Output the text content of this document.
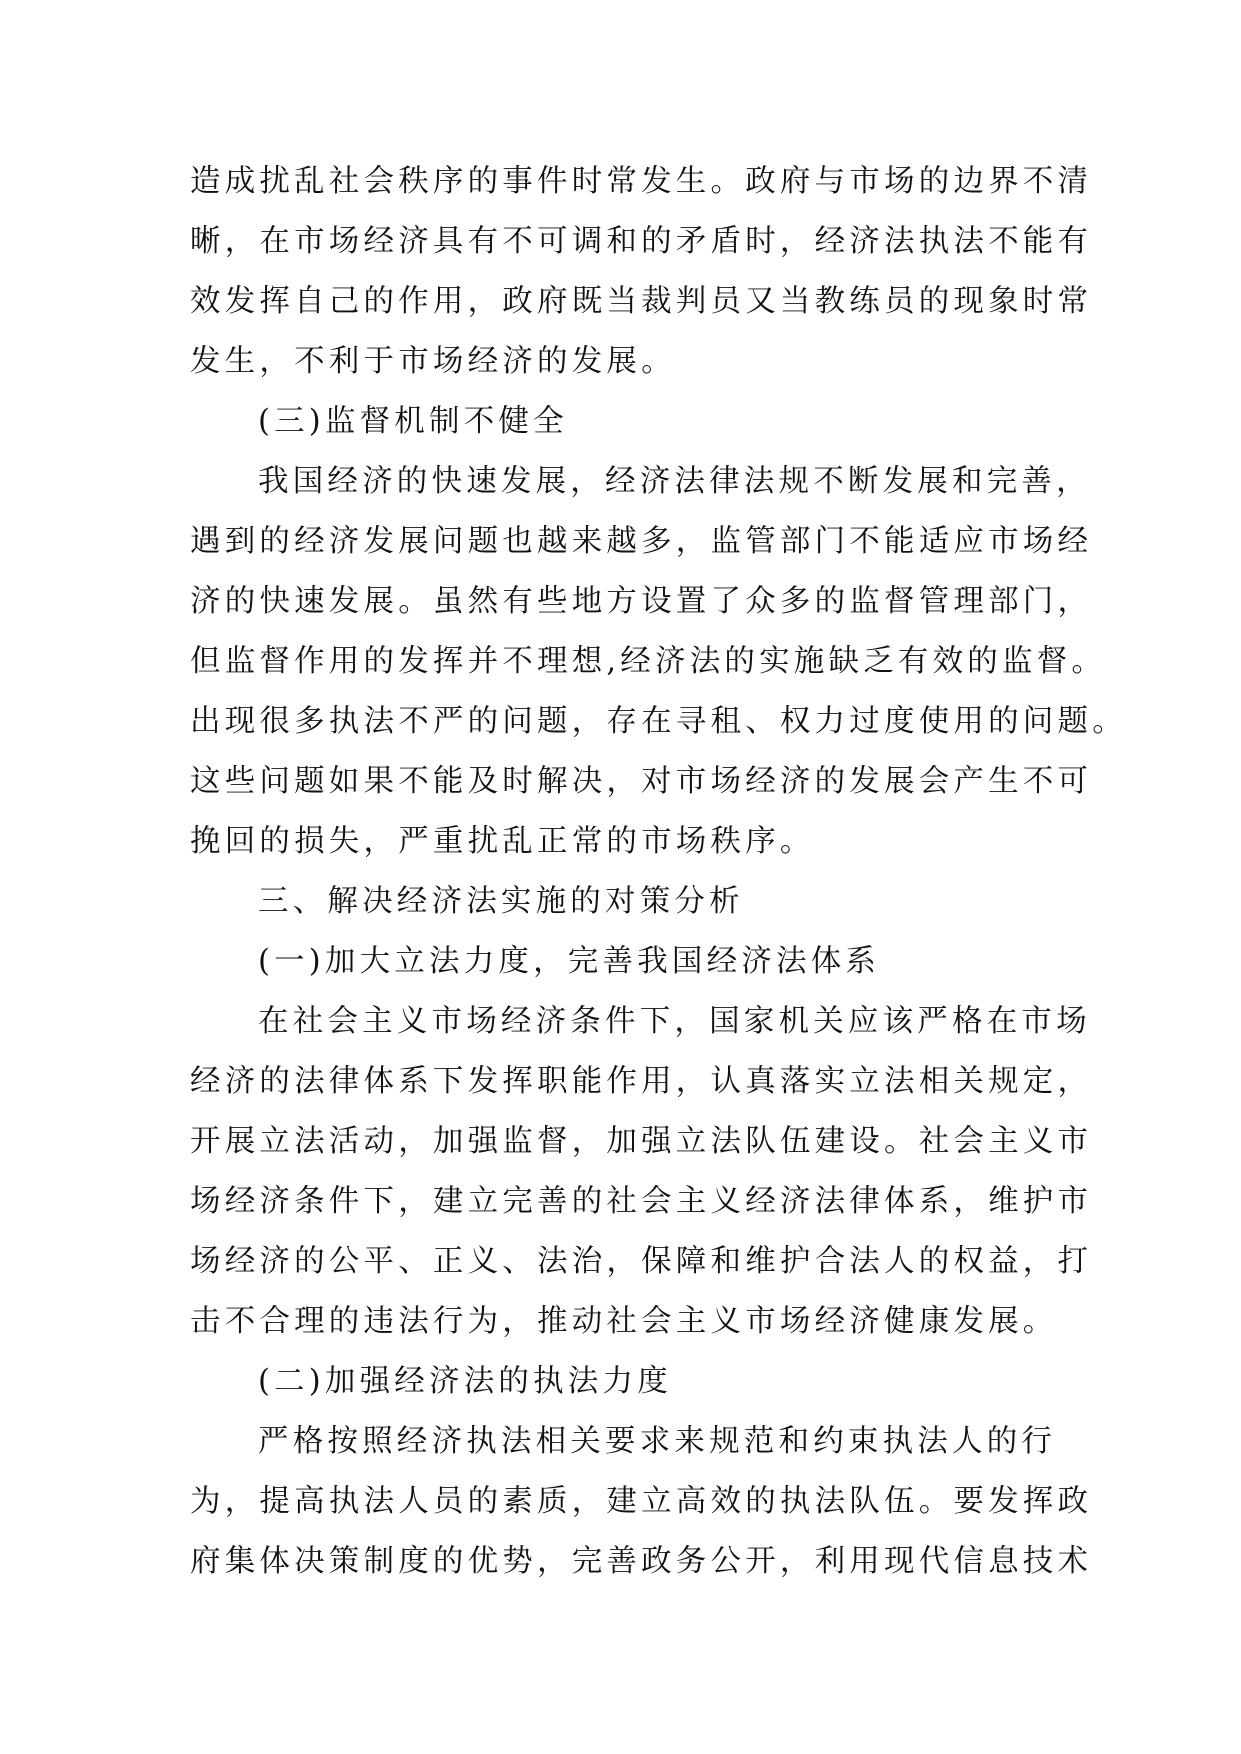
造成扰乱社会秩序的事件时常发生。政府与市场的边界不清
晰，在市场经济具有不可调和的矛盾时，经济法执法不能有
效发挥自己的作用，政府既当裁判员又当教练员的现象时常
发生，不利于市场经济的发展。
(三)监督机制不健全
我国经济的快速发展，经济法律法规不断发展和完善，
遇到的经济发展问题也越来越多，监管部门不能适应市场经
济的快速发展。虽然有些地方设置了众多的监督管理部门，
但监督作用的发挥并不理想,经济法的实施缺乏有效的监督。
出现很多执法不严的问题，存在寻租、权力过度使用的问题。
这些问题如果不能及时解决，对市场经济的发展会产生不可
挽回的损失，严重扰乱正常的市场秩序。
三、解决经济法实施的对策分析
(一)加大立法力度，完善我国经济法体系
在社会主义市场经济条件下，国家机关应该严格在市场
经济的法律体系下发挥职能作用，认真落实立法相关规定，
开展立法活动，加强监督，加强立法队伍建设。社会主义市
场经济条件下，建立完善的社会主义经济法律体系，维护市
场经济的公平、正义、法治，保障和维护合法人的权益，打
击不合理的违法行为，推动社会主义市场经济健康发展。
(二)加强经济法的执法力度
严格按照经济执法相关要求来规范和约束执法人的行
为，提高执法人员的素质，建立高效的执法队伍。要发挥政
府集体决策制度的优势，完善政务公开，利用现代信息技术
